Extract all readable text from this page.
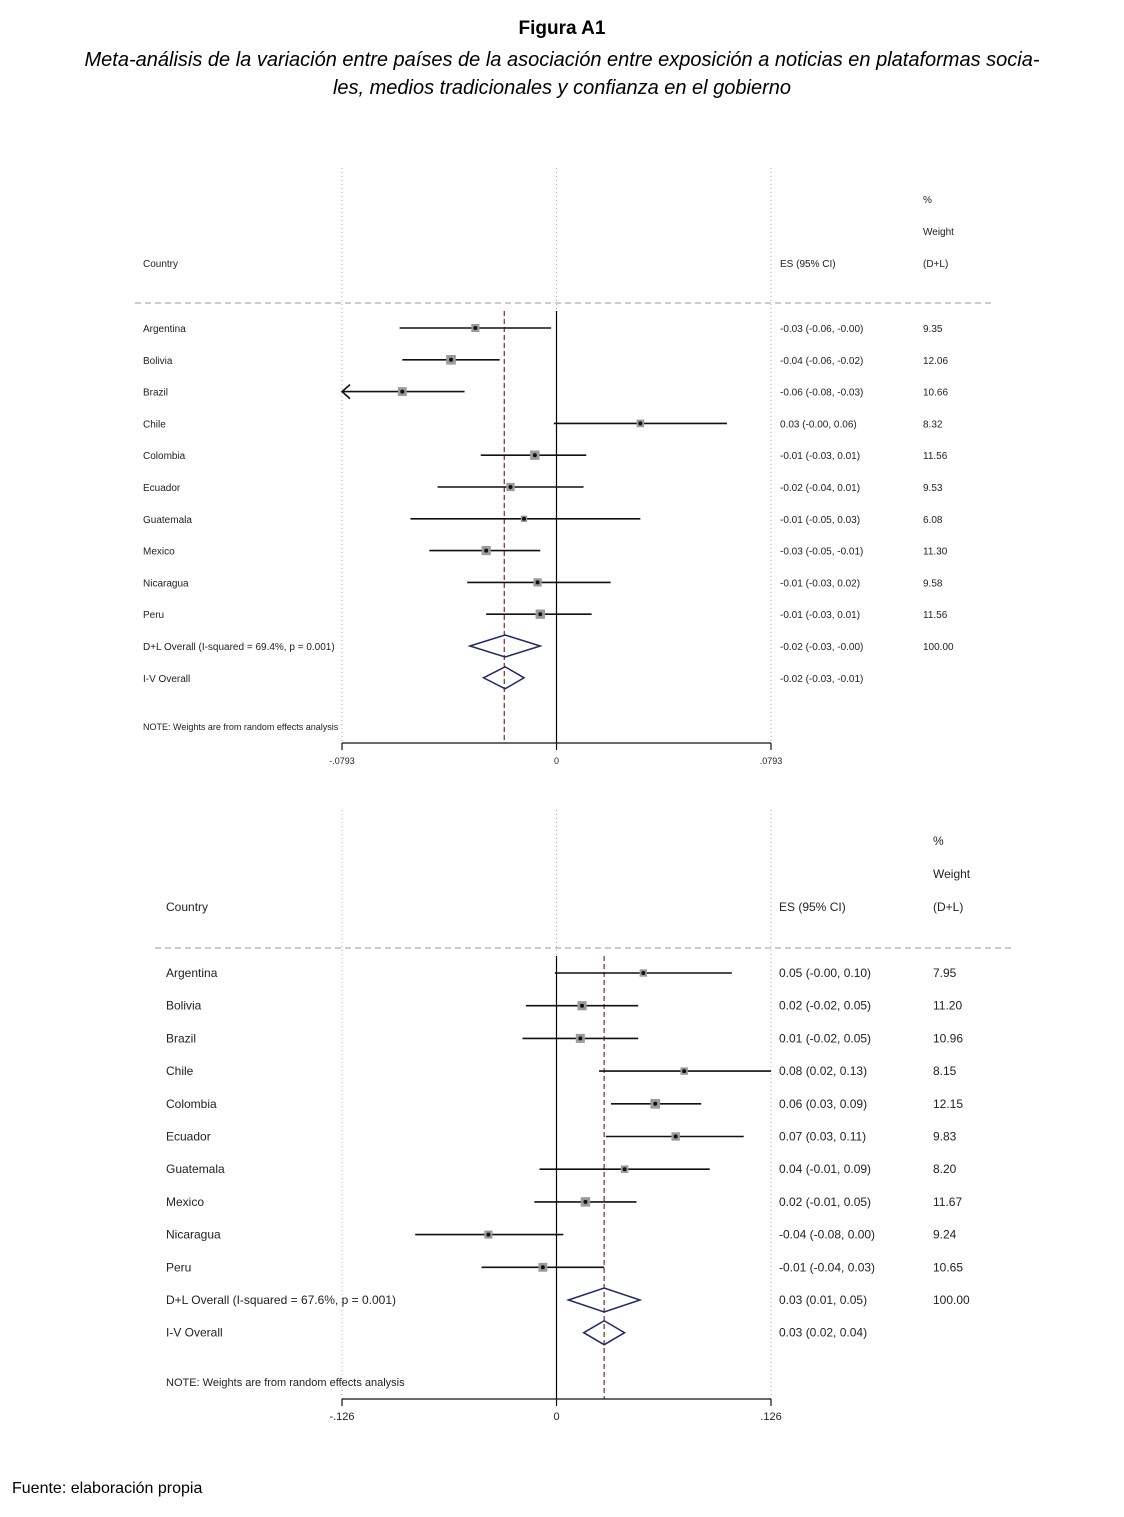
Figura A1
Meta-análisis de la variación entre países de la asociación entre exposición a noticias en plataformas socia-
les, medios tradicionales y confianza en el gobierno
Country	ES (95% CI)
%
Weight
(D+L)
Argentina	-0.03 (-0.06, -0.00)	9.35
Bolivia	-0.04 (-0.06, -0.02)	12.06
Brazil	-0.06 (-0.08, -0.03)	10.66
Chile	0.03 (-0.00, 0.06)	8.32
Colombia	-0.01 (-0.03, 0.01)	11.56
Ecuador	-0.02 (-0.04, 0.01)	9.53
Guatemala	-0.01 (-0.05, 0.03)	6.08
Mexico	-0.03 (-0.05, -0.01)	11.30
Nicaragua	-0.01 (-0.03, 0.02)	9.58
Peru	-0.01 (-0.03, 0.01)	11.56
D+L Overall (I-squared = 69.4%, p = 0.001)	-0.02 (-0.03, -0.00)	100.00
I-V Overall	-0.02 (-0.03, -0.01)
NOTE: Weights are from random effects analysis
-.0793	0	.0793
Country	ES (95% CI)
%
Weight
(D+L)
Argentina	0.05 (-0.00, 0.10)	7.95
Bolivia	0.02 (-0.02, 0.05)	11.20
Brazil	0.01 (-0.02, 0.05)	10.96
Chile	0.08 (0.02, 0.13)	8.15
Colombia	0.06 (0.03, 0.09)	12.15
Ecuador	0.07 (0.03, 0.11)	9.83
Guatemala	0.04 (-0.01, 0.09)	8.20
Mexico	0.02 (-0.01, 0.05)	11.67
Nicaragua	-0.04 (-0.08, 0.00)	9.24
Peru	-0.01 (-0.04, 0.03)	10.65
D+L Overall (I-squared = 67.6%, p = 0.001)	0.03 (0.01, 0.05)	100.00
I-V Overall	0.03 (0.02, 0.04)
NOTE: Weights are from random effects analysis
-.126	0	.126
Fuente: elaboración propia
